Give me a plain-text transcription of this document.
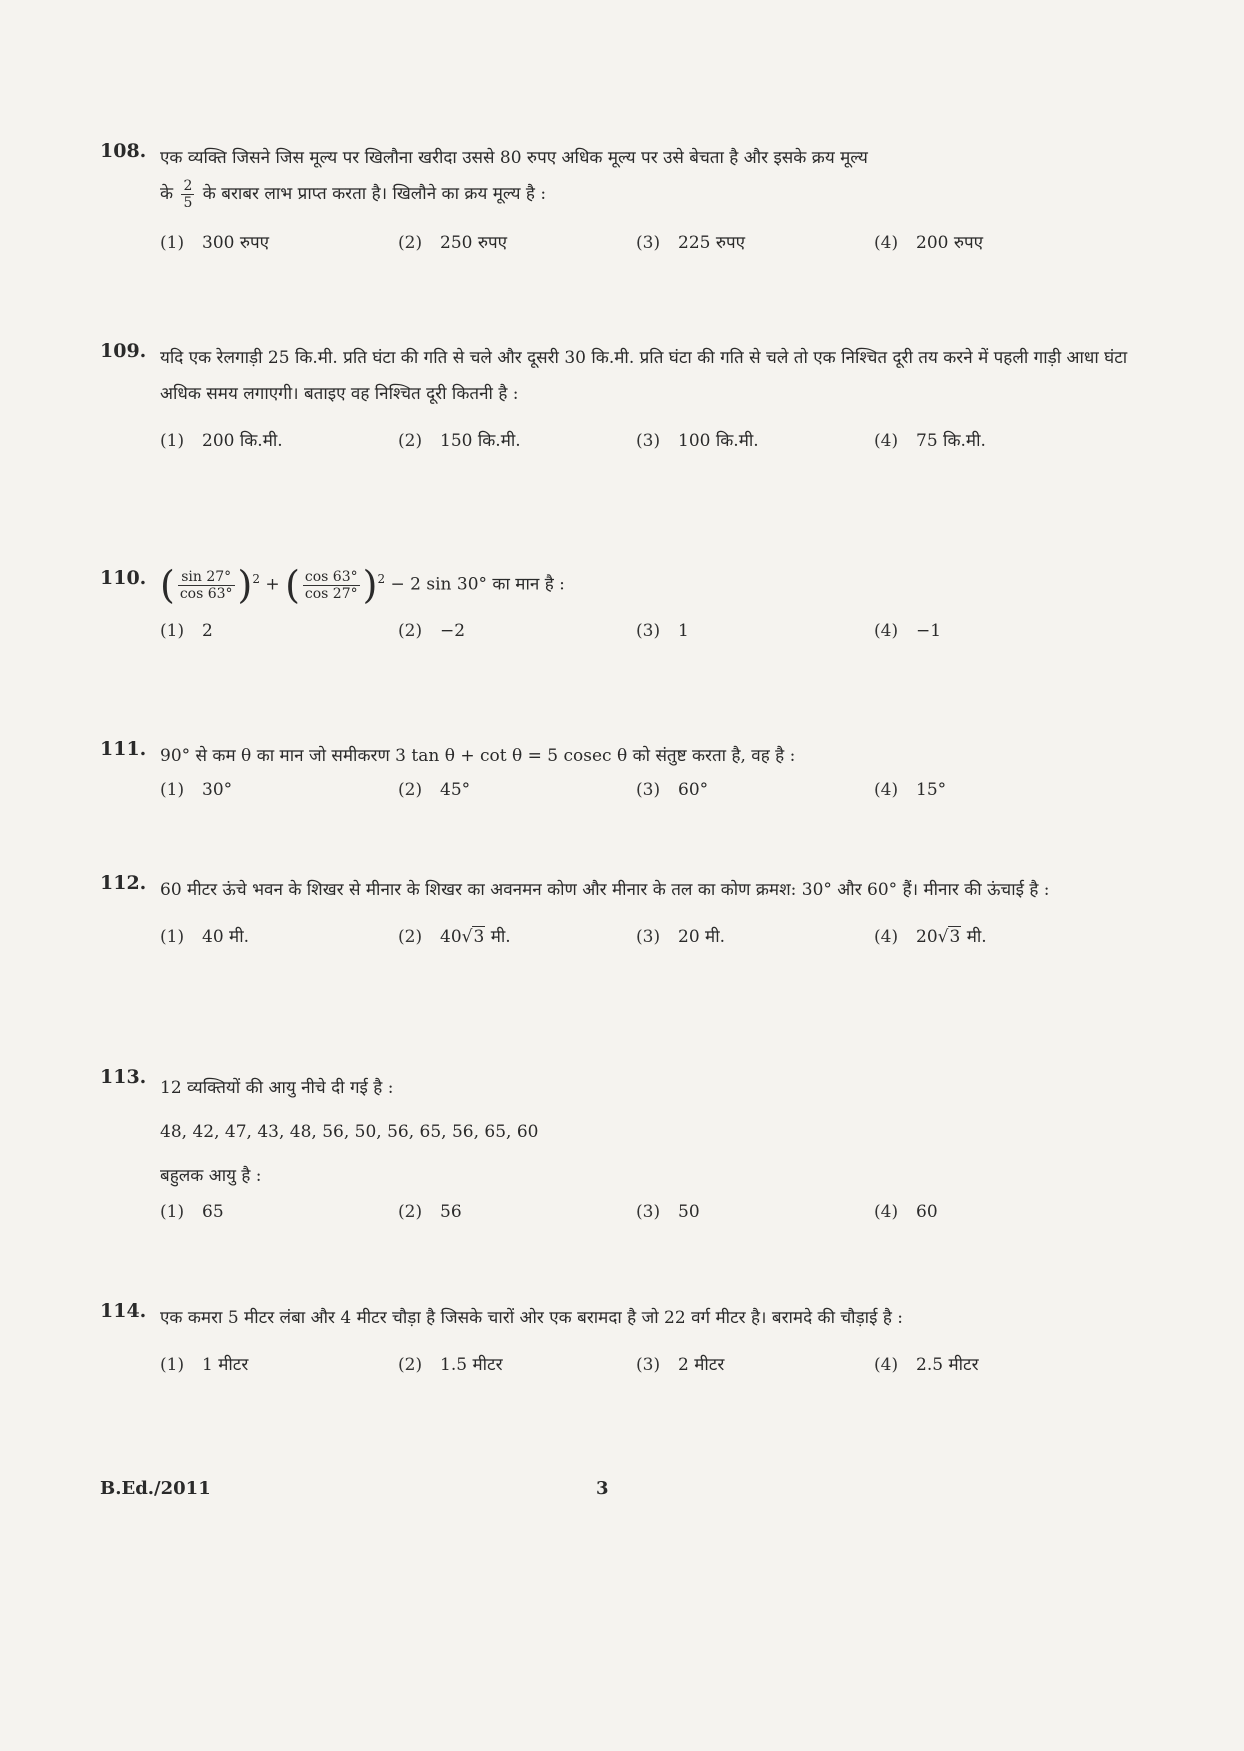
108. एक व्यक्ति जिसने जिस मूल्य पर खिलौना खरीदा उससे 80 रुपए अधिक मूल्य पर उसे बेचता है और इसके क्रय मूल्य
के $\frac{2}{5}$ के बराबर लाभ प्राप्त करता है। खिलौने का क्रय मूल्य है :
(1) 300 रुपए	(2) 250 रुपए	(3) 225 रुपए	(4) 200 रुपए
109. यदि एक रेलगाड़ी 25 कि.मी. प्रति घंटा की गति से चले और दूसरी 30 कि.मी. प्रति घंटा की गति से चले तो एक निश्चित दूरी तय करने में पहली गाड़ी आधा घंटा अधिक समय लगाएगी। बताइए वह निश्चित दूरी कितनी है :
(1) 200 कि.मी.	(2) 150 कि.मी.	(3) 100 कि.मी.	(4) 75 कि.मी.
110. ( $\frac{\sin 27^\circ}{\cos 63^\circ} )^2$ + ( $\frac{\cos 63^\circ}{\cos 27^\circ} )^2 - 2$ sin 30° का मान है :
(1) 2	(2) −2	(3) 1	(4) −1
111. 90° से कम θ का मान जो समीकरण 3 tan θ + cot θ = 5 cosec θ को संतुष्ट करता है, वह है :
(1) 30°	(2) 45°	(3) 60°	(4) 15°
112. 60 मीटर ऊंचे भवन के शिखर से मीनार के शिखर का अवनमन कोण और मीनार के तल का कोण क्रमश: 30° और 60° हैं। मीनार की ऊंचाई है :
(1) 40 मी.	(2) 40√3 मी.	(3) 20 मी.	(4) 20√3 मी.
113. 12 व्यक्तियों की आयु नीचे दी गई है :
48, 42, 47, 43, 48, 56, 50, 56, 65, 56, 65, 60
बहुलक आयु है :
(1) 65	(2) 56	(3) 50	(4) 60
114. एक कमरा 5 मीटर लंबा और 4 मीटर चौड़ा है जिसके चारों ओर एक बरामदा है जो 22 वर्ग मीटर है। बरामदे की चौड़ाई है :
(1) 1 मीटर	(2) 1.5 मीटर	(3) 2 मीटर	(4) 2.5 मीटर
B.Ed./2011	3
